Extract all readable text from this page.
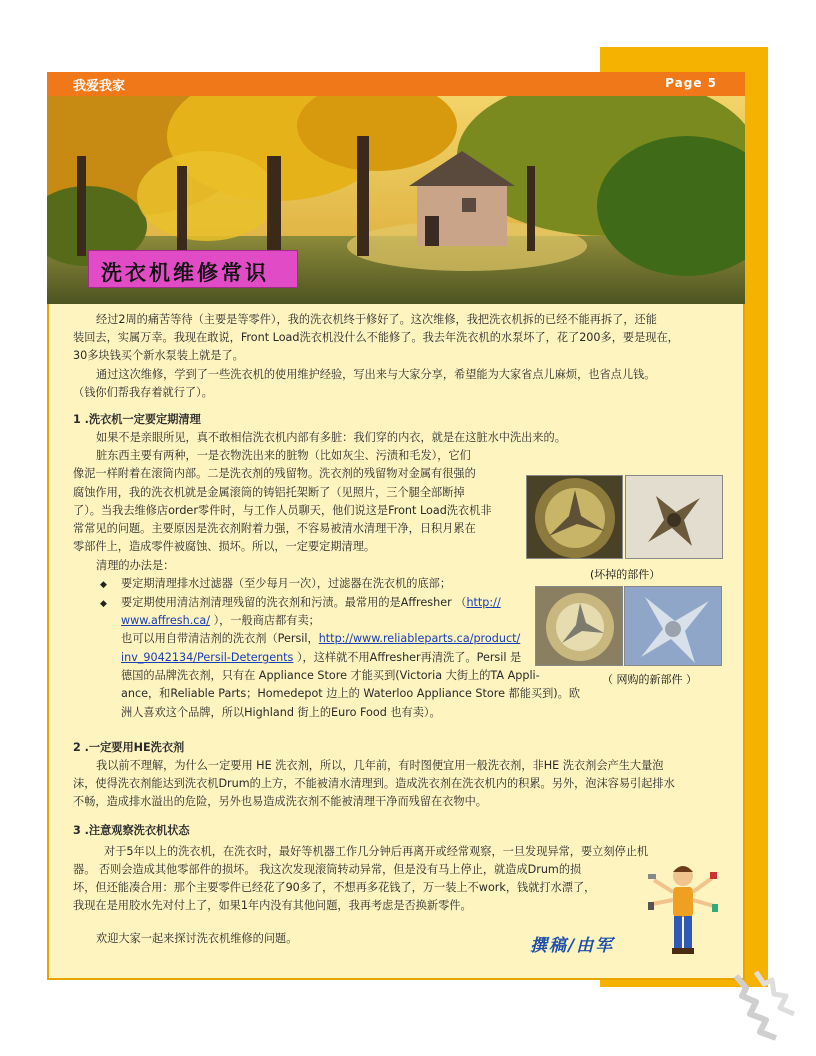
我爱我家	Page 5
洗衣机维修常识
经过2周的痛苦等待（主要是等零件），我的洗衣机终于修好了。这次维修，我把洗衣机拆的已经不能再拆了，还能
装回去，实属万幸。我现在敢说，Front Load洗衣机没什么不能修了。我去年洗衣机的水泵坏了，花了200多，要是现在，
30多块钱买个新水泵装上就是了。
通过这次维修，学到了一些洗衣机的使用维护经验，写出来与大家分享，希望能为大家省点儿麻烦，也省点儿钱。
（钱你们帮我存着就行了）。
1 .洗衣机一定要定期清理
如果不是亲眼所见，真不敢相信洗衣机内部有多脏：我们穿的内衣，就是在这脏水中洗出来的。
脏东西主要有两种，一是衣物洗出来的脏物（比如灰尘、污渍和毛发），它们
像泥一样附着在滚筒内部。二是洗衣剂的残留物。洗衣剂的残留物对金属有很强的
腐蚀作用，我的洗衣机就是金属滚筒的铸铝托架断了（见照片，三个腿全部断掉
了）。当我去维修店order零件时，与工作人员聊天，他们说这是Front Load洗衣机非
常常见的问题。主要原因是洗衣剂附着力强，不容易被清水清理干净，日积月累在
零部件上，造成零件被腐蚀、损坏。所以，一定要定期清理。
清理的办法是：
◆ 要定期清理排水过滤器（至少每月一次），过滤器在洗衣机的底部；
◆ 要定期使用清洁剂清理残留的洗衣剂和污渍。最常用的是Affresher （http://
www.affresh.ca/ ），一般商店都有卖；
也可以用自带清洁剂的洗衣剂（Persil，http://www.reliableparts.ca/product/
inv_9042134/Persil-Detergents ），这样就不用Affresher再清洗了。Persil 是
德国的品牌洗衣剂，只有在 Appliance Store 才能买到(Victoria 大街上的TA Appli-
ance，和Reliable Parts；Homedepot 边上的 Waterloo Appliance Store 都能买到)。欧
洲人喜欢这个品牌，所以Highland 街上的Euro Food 也有卖）。
(坏掉的部件）
（ 网购的新部件 ）
2 .一定要用HE洗衣剂
我以前不理解，为什么一定要用 HE 洗衣剂，所以，几年前，有时图便宜用一般洗衣剂，非HE 洗衣剂会产生大量泡
沫，使得洗衣剂能达到洗衣机Drum的上方，不能被清水清理到。造成洗衣剂在洗衣机内的积累。另外，泡沫容易引起排水
不畅，造成排水溢出的危险，另外也易造成洗衣剂不能被清理干净而残留在衣物中。
3 .注意观察洗衣机状态
对于5年以上的洗衣机，在洗衣时，最好等机器工作几分钟后再离开或经常观察，一旦发现异常，要立刻停止机
器。 否则会造成其他零部件的损坏。 我这次发现滚筒转动异常，但是没有马上停止，就造成Drum的损
坏，但还能凑合用：那个主要零件已经花了90多了，不想再多花钱了，万一装上不work，钱就打水漂了，
我现在是用胶水先对付上了，如果1年内没有其他问题，我再考虑是否换新零件。
欢迎大家一起来探讨洗衣机维修的问题。	撰稿/由军
